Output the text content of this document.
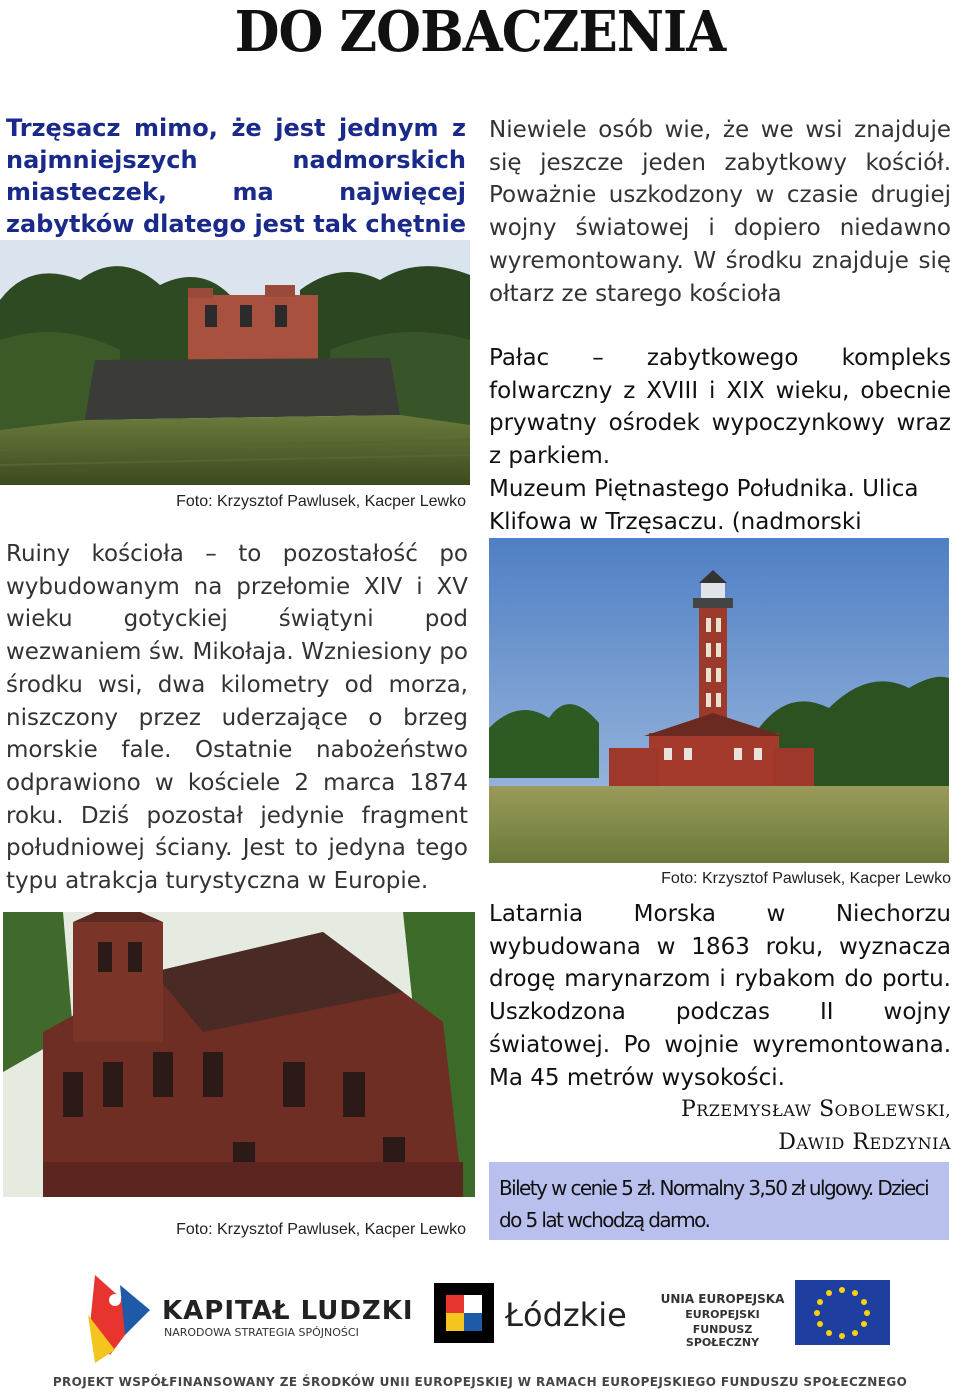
DO ZOBACZENIA
Trzęsacz mimo, że jest jednym z najmniejszych nadmorskich miasteczek, ma najwięcej zabytków dlatego jest tak chętnie
Foto: Krzysztof Pawlusek, Kacper Lewko
Ruiny kościoła – to pozostałość po wybudowanym na przełomie XIV i XV wieku gotyckiej świątyni pod wezwaniem św. Mikołaja. Wzniesiony po środku wsi, dwa kilometry od morza, niszczony przez uderzające o brzeg morskie fale. Ostatnie nabożeństwo odprawiono w kościele 2 marca 1874 roku. Dziś pozostał jedynie fragment południowej ściany. Jest to jedyna tego typu atrakcja turystyczna w Europie.
Foto: Krzysztof Pawlusek, Kacper Lewko
Niewiele osób wie, że we wsi znajduje się jeszcze jeden zabytkowy kościół. Poważnie uszkodzony w czasie drugiej wojny światowej i dopiero niedawno wyremontowany. W środku znajduje się ołtarz ze starego kościoła
Pałac – zabytkowego kompleks folwarczny z XVIII i XIX wieku, obecnie prywatny ośrodek wypoczynkowy wraz z parkiem.
Muzeum Piętnastego Południka. Ulica Klifowa w Trzęsaczu. (nadmorski
Foto: Krzysztof Pawlusek, Kacper Lewko
Latarnia Morska w Niechorzu wybudowana w 1863 roku, wyznacza drogę marynarzom i rybakom do portu. Uszkodzona podczas II wojny światowej. Po wojnie wyremontowana. Ma 45 metrów wysokości.
PRZEMYSŁAW SOBOLEWSKI,
DAWID REDZYNIA
Bilety w cenie 5 zł. Normalny 3,50 zł ulgowy. Dzieci do 5 lat wchodzą darmo.
KAPITAŁ LUDZKI
NARODOWA STRATEGIA SPÓJNOŚCI	Łódzkie	UNIA EUROPEJSKA
EUROPEJSKI
FUNDUSZ SPOŁECZNY
PROJEKT WSPÓŁFINANSOWANY ZE ŚRODKÓW UNII EUROPEJSKIEJ W RAMACH EUROPEJSKIEGO FUNDUSZU SPOŁECZNEGO
